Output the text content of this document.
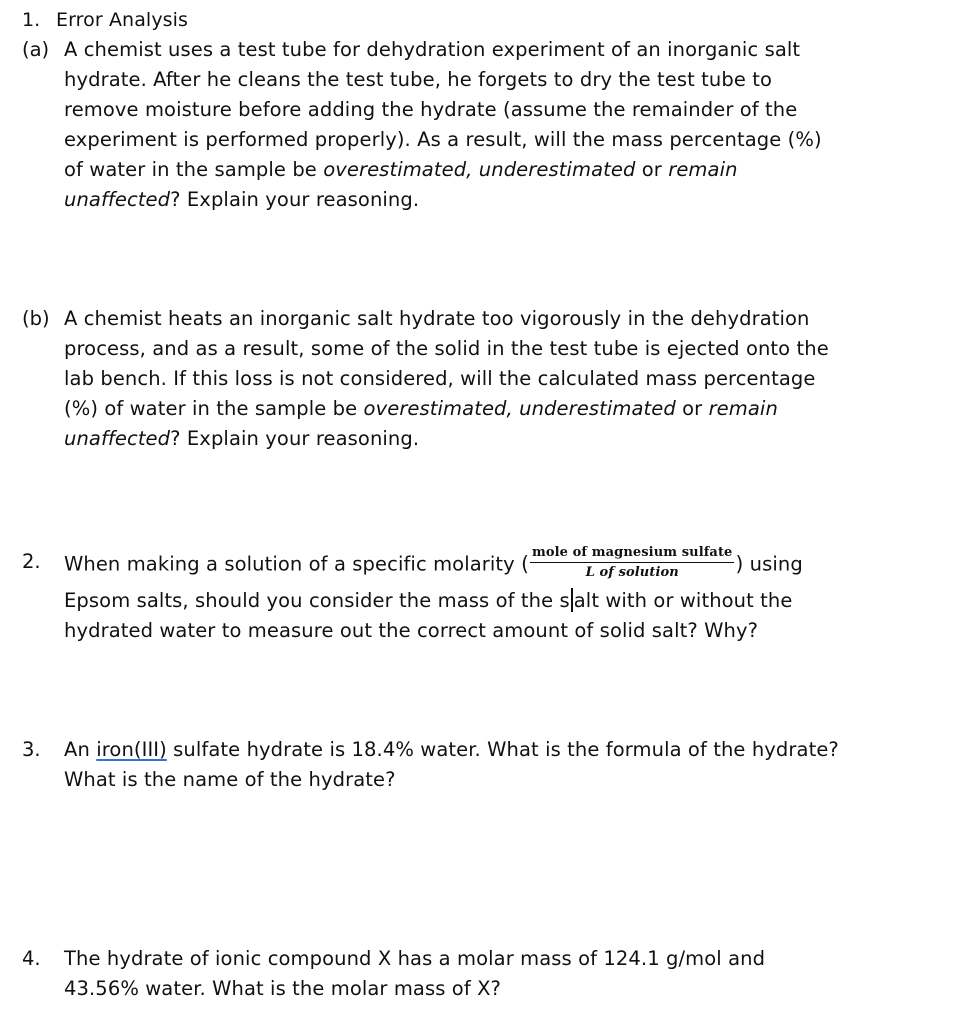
1. Error Analysis
(a) A chemist uses a test tube for dehydration experiment of an inorganic salt
hydrate. After he cleans the test tube, he forgets to dry the test tube to
remove moisture before adding the hydrate (assume the remainder of the
experiment is performed properly). As a result, will the mass percentage (%)
of water in the sample be overestimated, underestimated or remain
unaffected? Explain your reasoning.
(b) A chemist heats an inorganic salt hydrate too vigorously in the dehydration
process, and as a result, some of the solid in the test tube is ejected onto the
lab bench. If this loss is not considered, will the calculated mass percentage
(%) of water in the sample be overestimated, underestimated or remain
unaffected? Explain your reasoning.
2. When making a solution of a specific molarity ( $\frac{\text{mole of magnesium sulfate}}{\text{L of solution}}$ ) using
Epsom salts, should you consider the mass of the s alt with or without the
hydrated water to measure out the correct amount of solid salt? Why?
3. An iron(III) sulfate hydrate is 18.4% water. What is the formula of the hydrate?
What is the name of the hydrate?
4. The hydrate of ionic compound X has a molar mass of 124.1 g/mol and
43.56% water. What is the molar mass of X?
